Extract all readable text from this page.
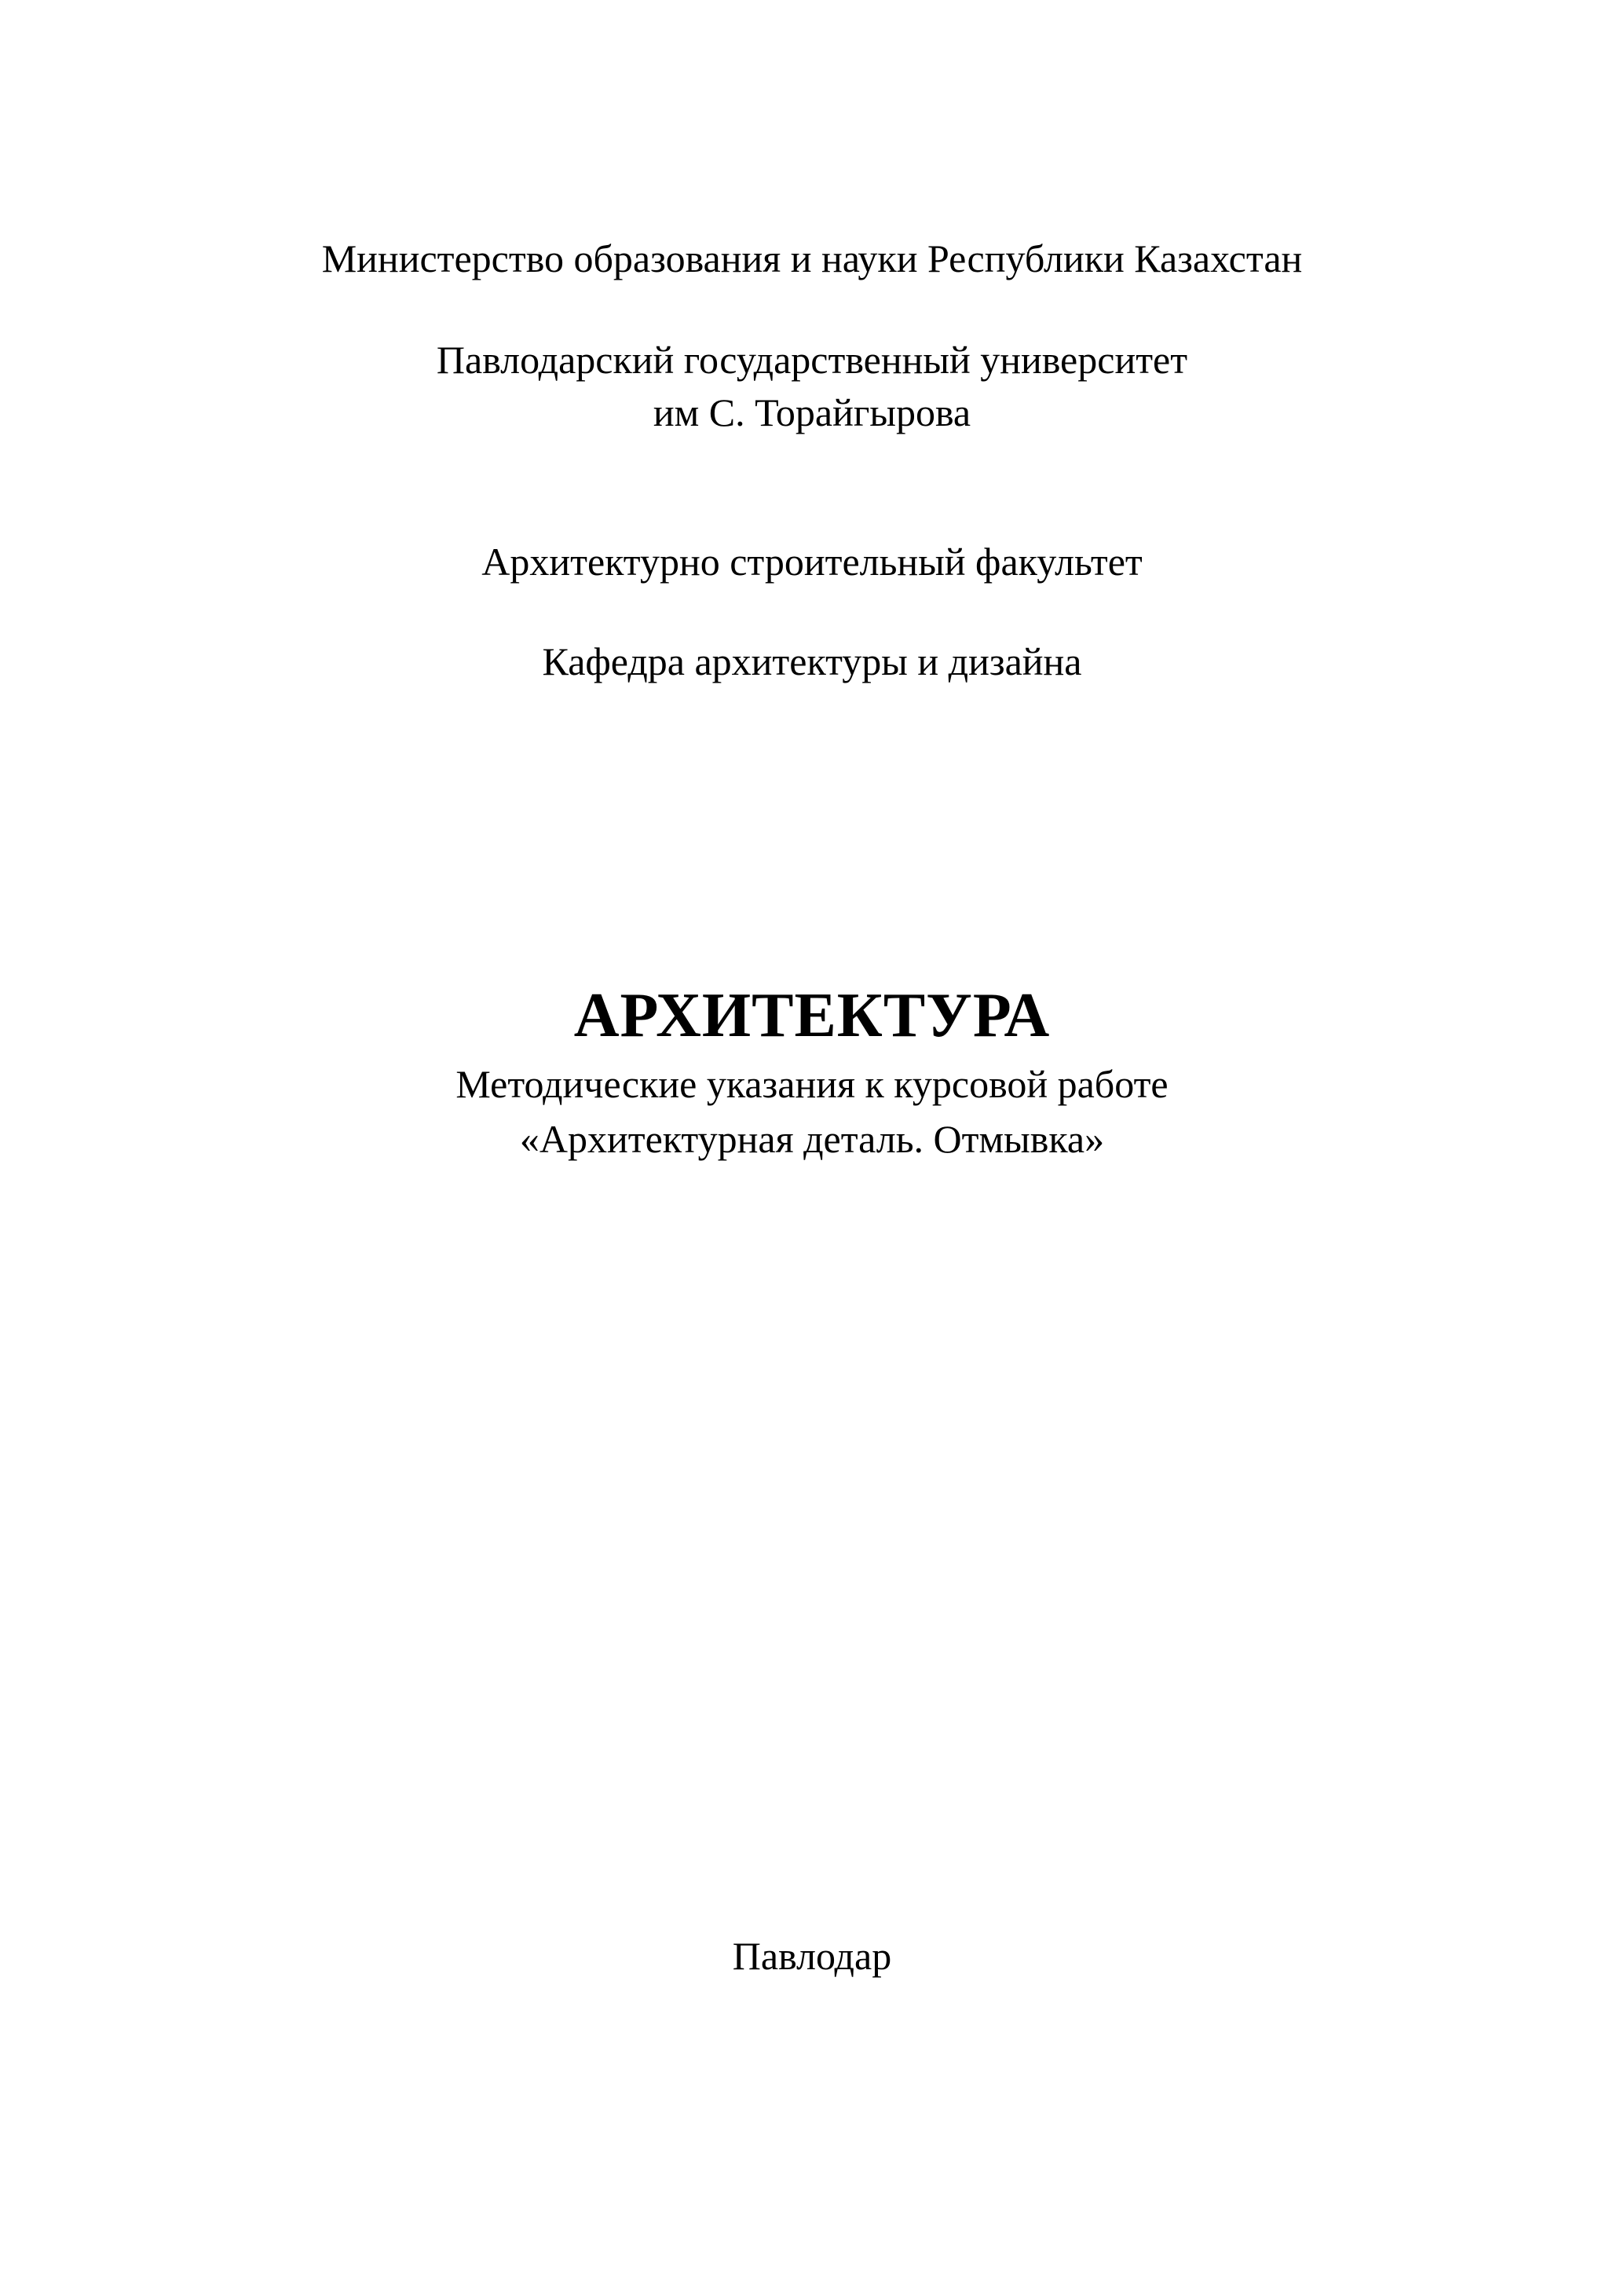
Министерство образования и науки Республики Казахстан
Павлодарский государственный университет
им С. Торайгырова
Архитектурно строительный факультет
Кафедра архитектуры и дизайна
АРХИТЕКТУРА
Методические указания к курсовой работе
«Архитектурная деталь. Отмывка»
Павлодар
